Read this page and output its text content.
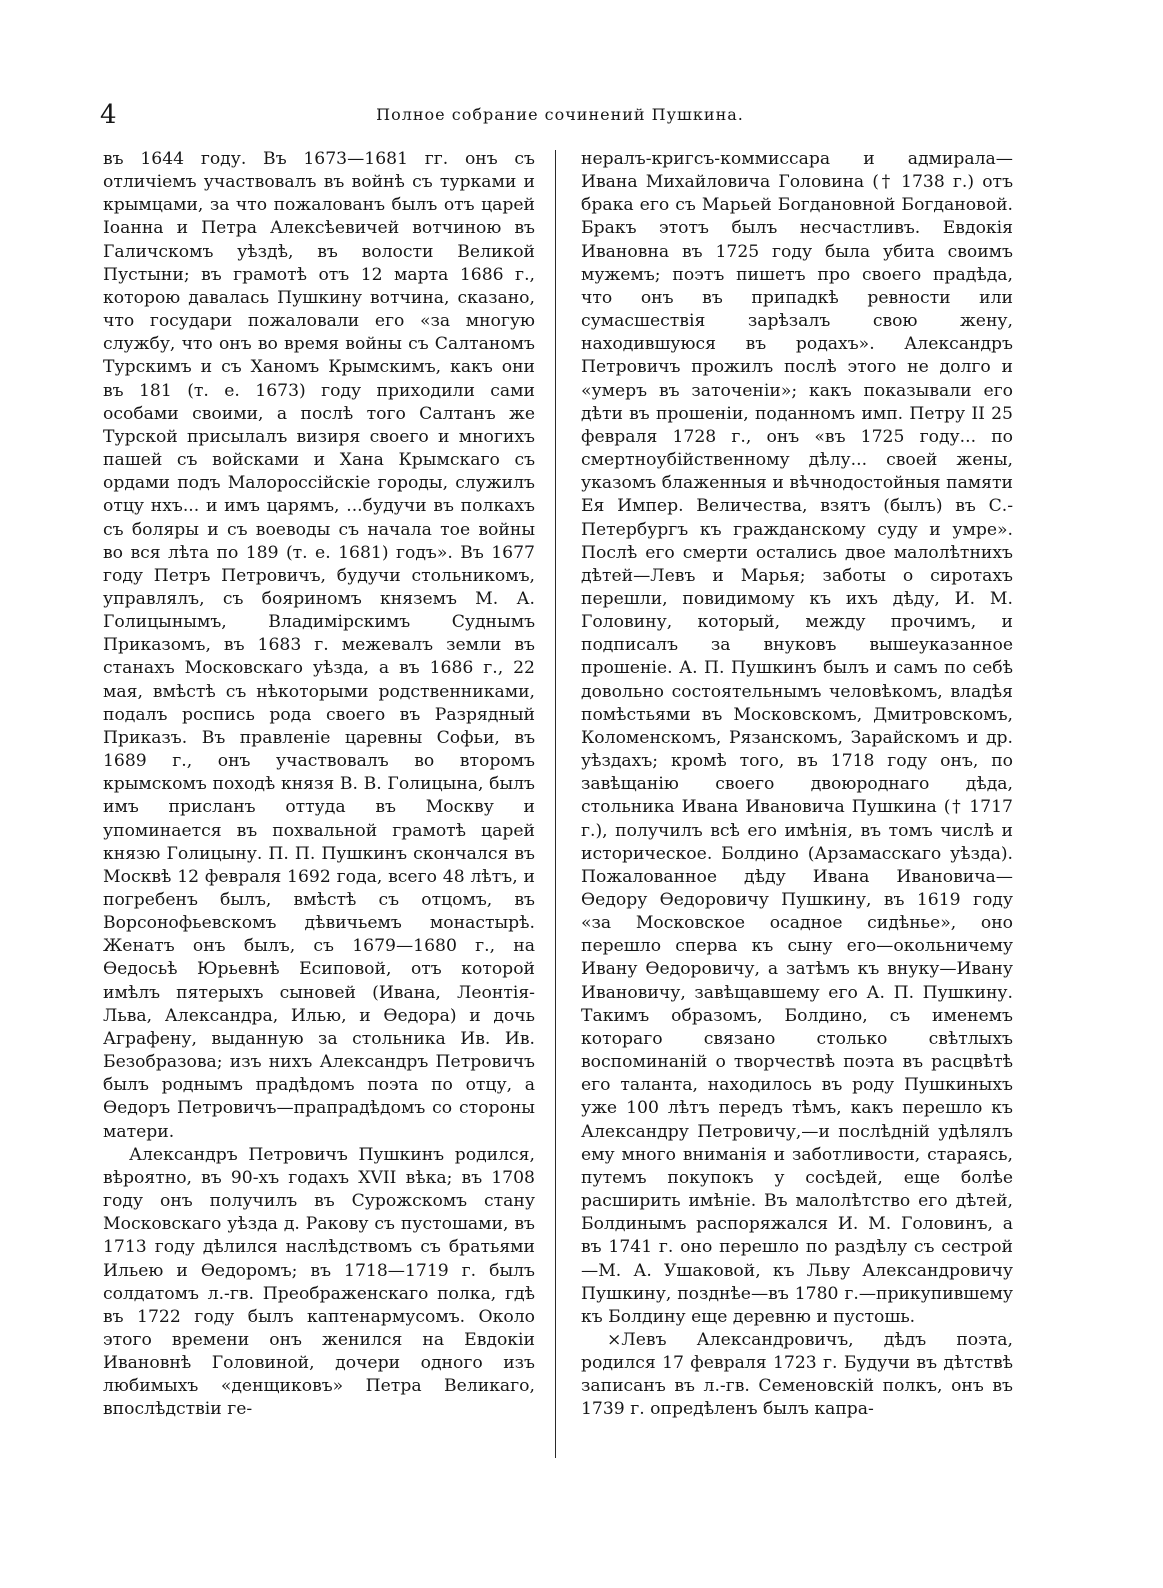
4	Полное собрание сочинений Пушкина.

въ 1644 году. Въ 1673—1681 гг. онъ съ отличіемъ участвовалъ въ войнѣ съ турками и крымцами, за что пожалованъ былъ отъ царей Іоанна и Петра Алексѣевичей вотчиною въ Галичскомъ уѣздѣ, въ волости Великой Пустыни; въ грамотѣ отъ 12 марта 1686 г., которою давалась Пушкину вотчина, сказано, что государи пожаловали его «за многую службу, что онъ во время войны съ Салтаномъ Турскимъ и съ Ханомъ Крымскимъ, какъ они въ 181 (т. е. 1673) году приходили сами особами своими, а послѣ того Салтанъ же Турской присылалъ визиря своего и многихъ пашей съ войсками и Хана Крымскаго съ ордами подъ Малороссійскіе городы, служилъ отцу нхъ... и имъ царямъ, ...будучи въ полкахъ съ боляры и съ воеводы съ начала тое войны во вся лѣта по 189 (т. е. 1681) годъ». Въ 1677 году Петръ Петровичъ, будучи стольникомъ, управлялъ, съ бояриномъ княземъ М. А. Голицынымъ, Владимірскимъ Суднымъ Приказомъ, въ 1683 г. межевалъ земли въ станахъ Московскаго уѣзда, а въ 1686 г., 22 мая, вмѣстѣ съ нѣкоторыми родственниками, подалъ роспись рода своего въ Разрядный Приказъ. Въ правленіе царевны Софьи, въ 1689 г., онъ участвовалъ во второмъ крымскомъ походѣ князя В. В. Голицына, былъ имъ присланъ оттуда въ Москву и упоминается въ похвальной грамотѣ царей князю Голицыну. П. П. Пушкинъ скончался въ Москвѣ 12 февраля 1692 года, всего 48 лѣтъ, и погребенъ былъ, вмѣстѣ съ отцомъ, въ Ворсонофьевскомъ дѣвичьемъ монастырѣ. Женатъ онъ былъ, съ 1679—1680 г., на Ѳедосьѣ Юрьевнѣ Есиповой, отъ которой имѣлъ пятерыхъ сыновей (Ивана, Леонтія-Льва, Александра, Илью, и Ѳедора) и дочь Аграфену, выданную за стольника Ив. Ив. Безобразова; изъ нихъ Александръ Петровичъ былъ роднымъ прадѣдомъ поэта по отцу, а Ѳедоръ Петровичъ—прапрадѣдомъ со стороны матери.

Александръ Петровичъ Пушкинъ родился, вѣроятно, въ 90-хъ годахъ XVII вѣка; въ 1708 году онъ получилъ въ Сурожскомъ стану Московскаго уѣзда д. Ракову съ пустошами, въ 1713 году дѣлился наслѣдствомъ съ братьями Ильею и Ѳедоромъ; въ 1718—1719 г. былъ солдатомъ л.-гв. Преображенскаго полка, гдѣ въ 1722 году былъ каптенармусомъ. Около этого времени онъ женился на Евдокіи Ивановнѣ Головиной, дочери одного изъ любимыхъ «денщиковъ» Петра Великаго, впослѣдствіи ге-

нералъ-кригсъ-коммиссара и адмирала—Ивана Михайловича Головина († 1738 г.) отъ брака его съ Марьей Богдановной Богдановой. Бракъ этотъ былъ несчастливъ. Евдокія Ивановна въ 1725 году была убита своимъ мужемъ; поэтъ пишетъ про своего прадѣда, что онъ въ припадкѣ ревности или сумасшествія зарѣзалъ свою жену, находившуюся въ родахъ». Александръ Петровичъ прожилъ послѣ этого не долго и «умеръ въ заточеніи»; какъ показывали его дѣти въ прошеніи, поданномъ имп. Петру II 25 февраля 1728 г., онъ «въ 1725 году... по смертноубійственному дѣлу... своей жены, указомъ блаженныя и вѣчнодостойныя памяти Ея Импер. Величества, взятъ (былъ) въ С.-Петербургъ къ гражданскому суду и умре». Послѣ его смерти остались двое малолѣтнихъ дѣтей—Левъ и Марья; заботы о сиротахъ перешли, повидимому къ ихъ дѣду, И. М. Головину, который, между прочимъ, и подписалъ за внуковъ вышеуказанное прошеніе. А. П. Пушкинъ былъ и самъ по себѣ довольно состоятельнымъ человѣкомъ, владѣя помѣстьями въ Московскомъ, Дмитровскомъ, Коломенскомъ, Рязанскомъ, Зарайскомъ и др. уѣздахъ; кромѣ того, въ 1718 году онъ, по завѣщанію своего двоюроднаго дѣда, стольника Ивана Ивановича Пушкина († 1717 г.), получилъ всѣ его имѣнія, въ томъ числѣ и историческое. Болдино (Арзамасскаго уѣзда). Пожалованное дѣду Ивана Ивановича—Ѳедору Ѳедоровичу Пушкину, въ 1619 году «за Московское осадное сидѣнье», оно перешло сперва къ сыну его—окольничему Ивану Ѳедоровичу, а затѣмъ къ внуку—Ивану Ивановичу, завѣщавшему его А. П. Пушкину. Такимъ образомъ, Болдино, съ именемъ котораго связано столько свѣтлыхъ воспоминаній о творчествѣ поэта въ расцвѣтѣ его таланта, находилось въ роду Пушкиныхъ уже 100 лѣтъ передъ тѣмъ, какъ перешло къ Александру Петровичу,—и послѣдній удѣлялъ ему много вниманія и заботливости, стараясь, путемъ покупокъ у сосѣдей, еще болѣе расширить имѣніе. Въ малолѣтство его дѣтей, Болдинымъ распоряжался И. М. Головинъ, а въ 1741 г. оно перешло по раздѣлу съ сестрой—М. А. Ушаковой, къ Льву Александровичу Пушкину, позднѣе—въ 1780 г.—прикупившему къ Болдину еще деревню и пустошь.

×Левъ Александровичъ, дѣдъ поэта, родился 17 февраля 1723 г. Будучи въ дѣтствѣ записанъ въ л.-гв. Семеновскій полкъ, онъ въ 1739 г. опредѣленъ былъ капра-
